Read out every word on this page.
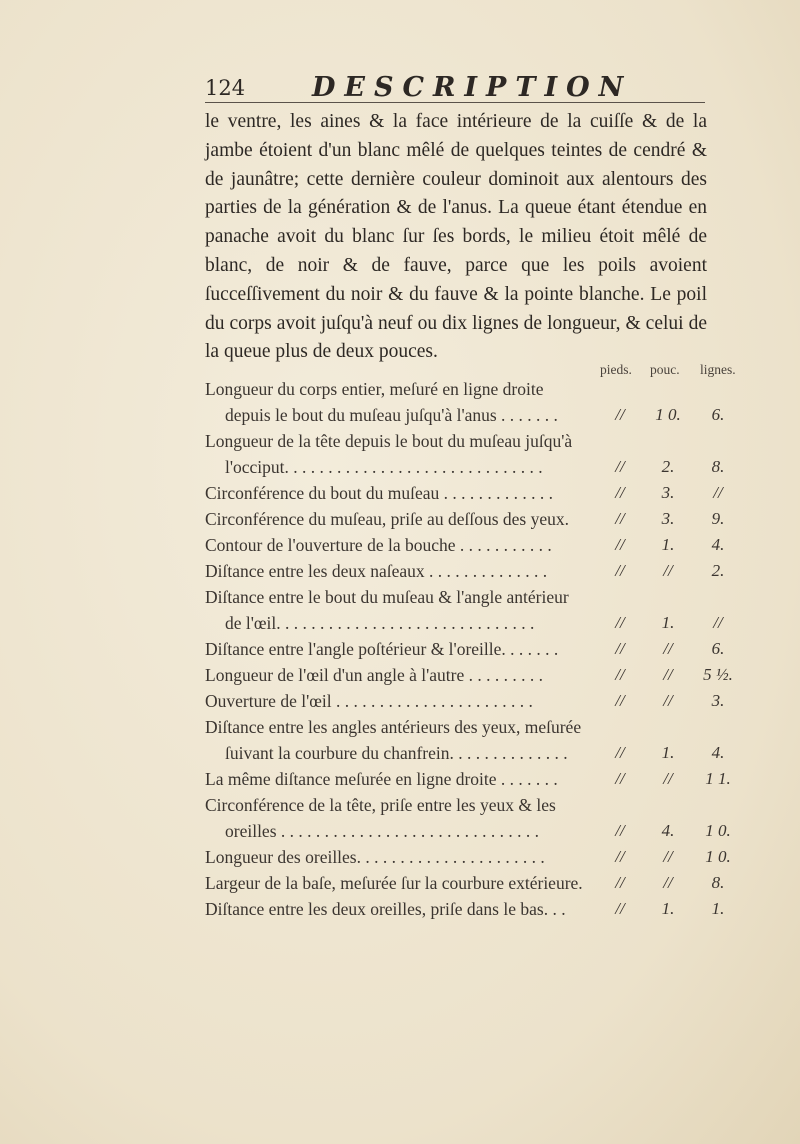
124 DESCRIPTION

le ventre, les aines & la face intérieure de la cuiſſe & de la jambe étoient d'un blanc mêlé de quelques teintes de cendré & de jaunâtre; cette dernière couleur dominoit aux alentours des parties de la génération & de l'anus. La queue étant étendue en panache avoit du blanc ſur ſes bords, le milieu étoit mêlé de blanc, de noir & de fauve, parce que les poils avoient ſucceſſivement du noir & du fauve & la pointe blanche. Le poil du corps avoit juſqu'à neuf ou dix lignes de longueur, & celui de la queue plus de deux pouces.

pieds. pouc. lignes.
Longueur du corps entier, meſuré en ligne droite
depuis le bout du muſeau juſqu'à l'anus . . . . . . .	//	1 0.	6.
Longueur de la tête depuis le bout du muſeau juſqu'à
l'occiput. . . . . . . . . . . . . . . . . . . . . . . . . . . . . .	//	2.	8.
Circonférence du bout du muſeau . . . . . . . . . . . . .	//	3.	//
Circonférence du muſeau, priſe au deſſous des yeux.	//	3.	9.
Contour de l'ouverture de la bouche . . . . . . . . . . .	//	1.	4.
Diſtance entre les deux naſeaux . . . . . . . . . . . . . .	//	//	2.
Diſtance entre le bout du muſeau & l'angle antérieur
de l'œil. . . . . . . . . . . . . . . . . . . . . . . . . . . . . .	//	1.	//
Diſtance entre l'angle poſtérieur & l'oreille. . . . . . .	//	//	6.
Longueur de l'œil d'un angle à l'autre . . . . . . . . .	//	//	5 ½.
Ouverture de l'œil . . . . . . . . . . . . . . . . . . . . . . .	//	//	3.
Diſtance entre les angles antérieurs des yeux, meſurée
ſuivant la courbure du chanfrein. . . . . . . . . . . . . .	//	1.	4.
La même diſtance meſurée en ligne droite . . . . . . .	//	//	1 1.
Circonférence de la tête, priſe entre les yeux & les
oreilles . . . . . . . . . . . . . . . . . . . . . . . . . . . . . .	//	4.	1 0.
Longueur des oreilles. . . . . . . . . . . . . . . . . . . . . .	//	//	1 0.
Largeur de la baſe, meſurée ſur la courbure extérieure.	//	//	8.
Diſtance entre les deux oreilles, priſe dans le bas. . .	//	1.	1.
